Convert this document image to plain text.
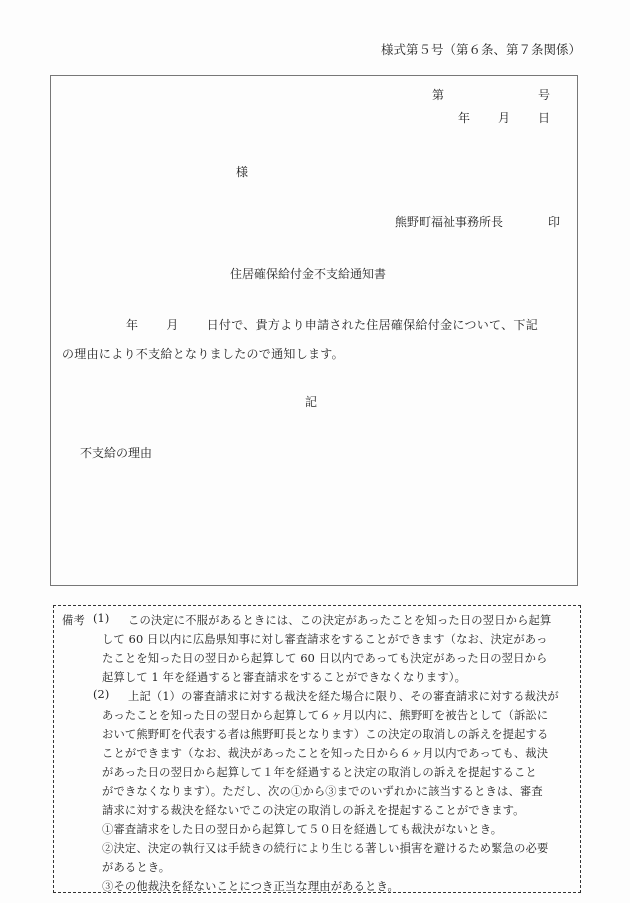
様式第５号（第６条、第７条関係）
第	号
年 月 日
様
熊野町福祉事務所長	印
住居確保給付金不支給通知書
年 月 日付で、貴方より申請された住居確保給付金について、下記
の理由により不支給となりましたので通知します。
記
不支給の理由
備考 (1) この決定に不服があるときには、この決定があったことを知った日の翌日から起算
して 60 日以内に広島県知事に対し審査請求をすることができます（なお、決定があっ
たことを知った日の翌日から起算して 60 日以内であっても決定があった日の翌日から
起算して 1 年を経過すると審査請求をすることができなくなります）。
(2) 上記（1）の審査請求に対する裁決を経た場合に限り、その審査請求に対する裁決が
あったことを知った日の翌日から起算して６ヶ月以内に、熊野町を被告として（訴訟に
おいて熊野町を代表する者は熊野町長となります）この決定の取消しの訴えを提起する
ことができます（なお、裁決があったことを知った日から６ヶ月以内であっても、裁決
があった日の翌日から起算して１年を経過すると決定の取消しの訴えを提起すること
ができなくなります）。ただし、次の①から③までのいずれかに該当するときは、審査
請求に対する裁決を経ないでこの決定の取消しの訴えを提起することができます。
①審査請求をした日の翌日から起算して５０日を経過しても裁決がないとき。
②決定、決定の執行又は手続きの続行により生じる著しい損害を避けるため緊急の必要
があるとき。
③その他裁決を経ないことにつき正当な理由があるとき。
